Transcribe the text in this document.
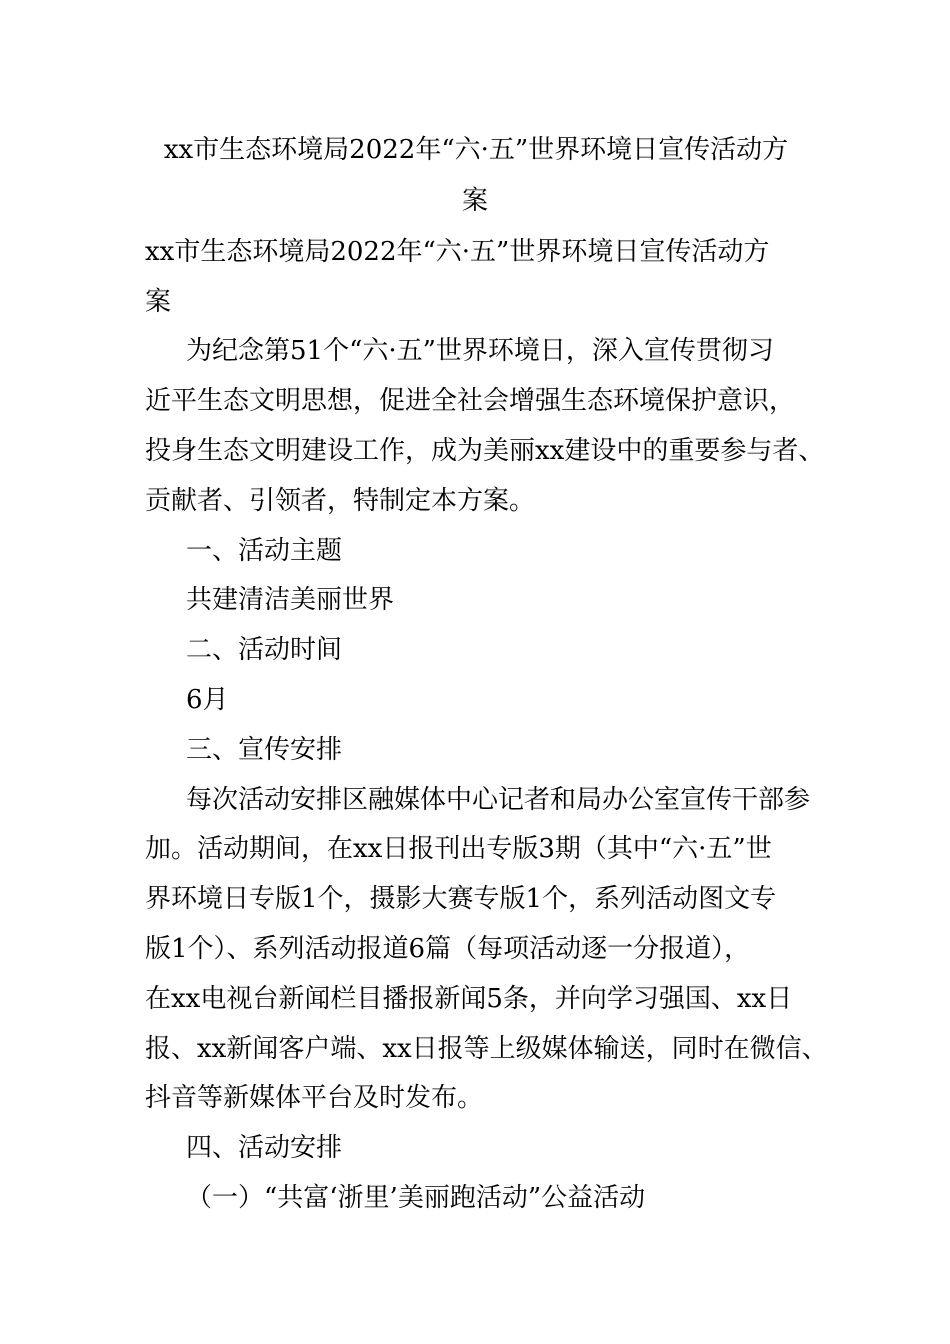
xx市生态环境局2022年“六·五”世界环境日宣传活动方
案
xx市生态环境局2022年“六·五”世界环境日宣传活动方
案
为纪念第51个“六·五”世界环境日，深入宣传贯彻习
近平生态文明思想，促进全社会增强生态环境保护意识，
投身生态文明建设工作，成为美丽xx建设中的重要参与者、
贡献者、引领者，特制定本方案。
一、活动主题
共建清洁美丽世界
二、活动时间
6月
三、宣传安排
每次活动安排区融媒体中心记者和局办公室宣传干部参
加。活动期间，在xx日报刊出专版3期（其中“六·五”世
界环境日专版1个，摄影大赛专版1个，系列活动图文专
版1个）、系列活动报道6篇（每项活动逐一分报道），
在xx电视台新闻栏目播报新闻5条，并向学习强国、xx日
报、xx新闻客户端、xx日报等上级媒体输送，同时在微信、
抖音等新媒体平台及时发布。
四、活动安排
（一）“共富‘浙里’美丽跑活动”公益活动
